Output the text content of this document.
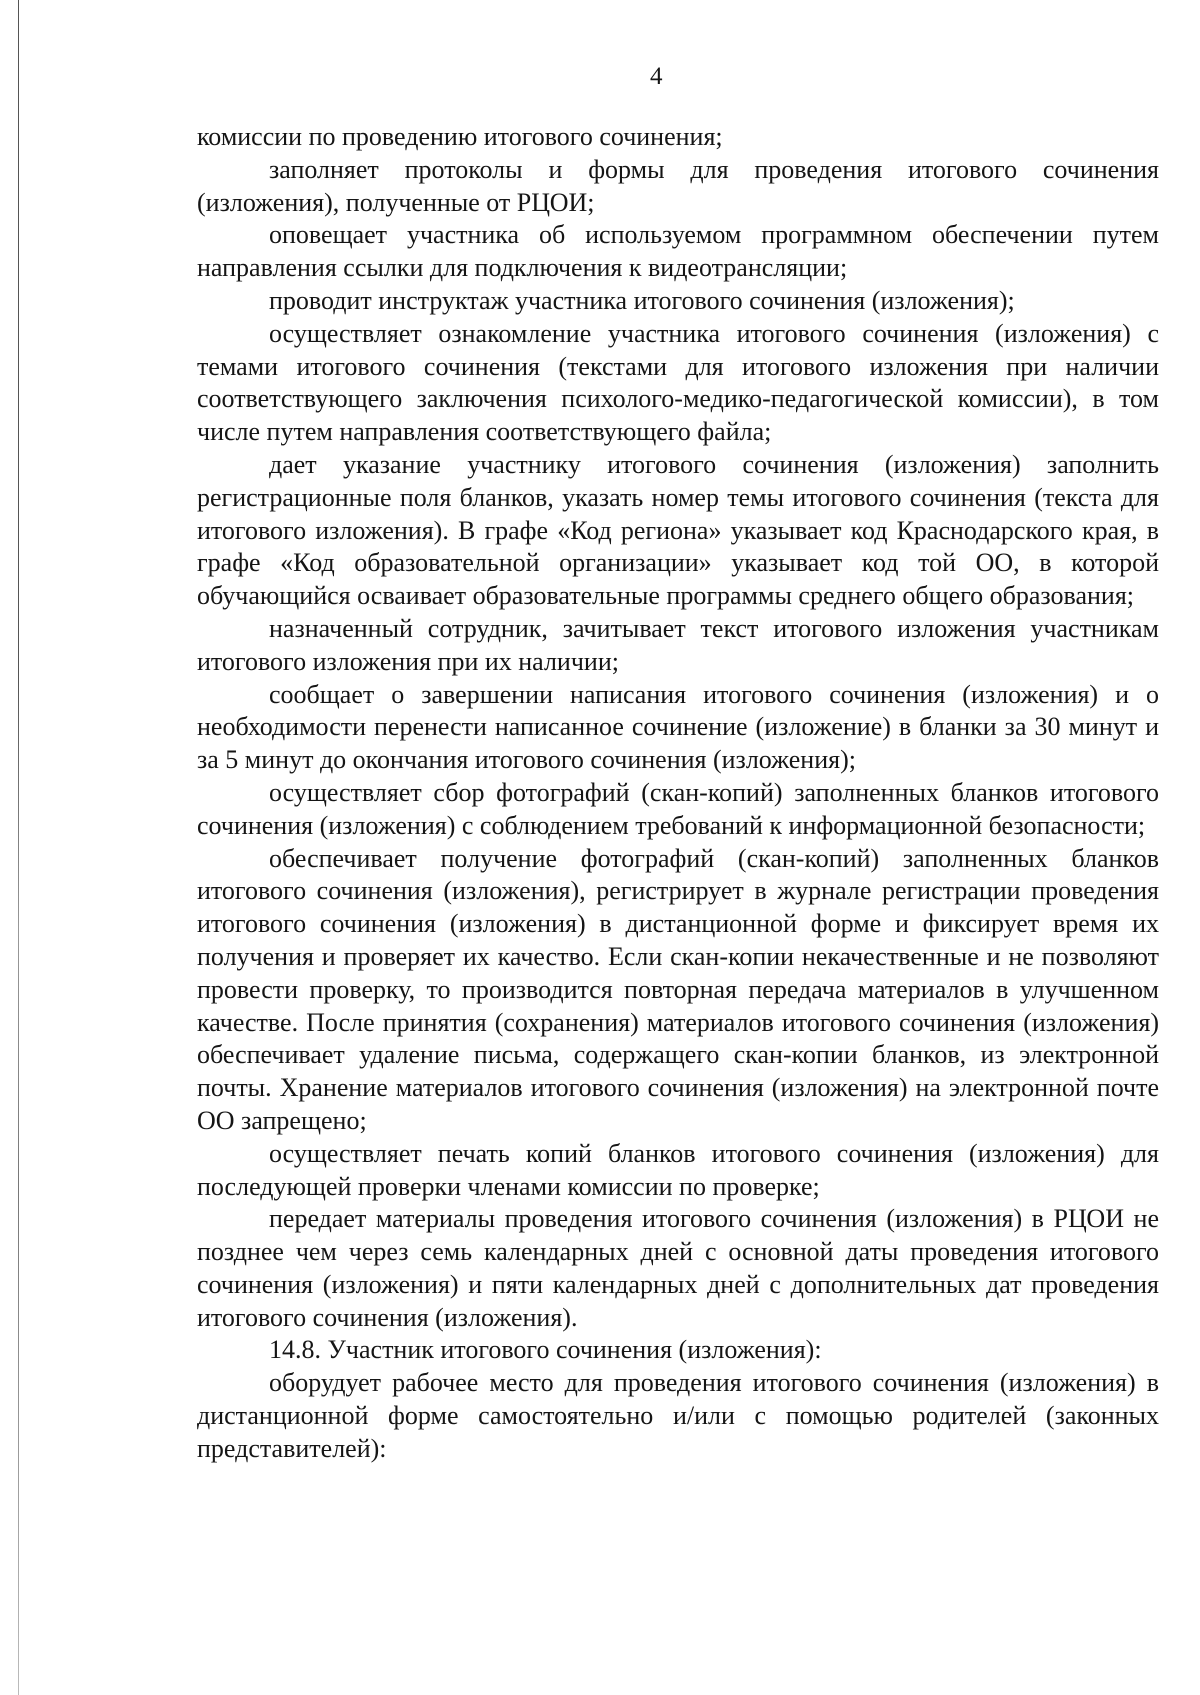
4

комиссии по проведению итогового сочинения;

заполняет протоколы и формы для проведения итогового сочинения (изложения), полученные от РЦОИ;

оповещает участника об используемом программном обеспечении путем направления ссылки для подключения к видеотрансляции;

проводит инструктаж участника итогового сочинения (изложения);

осуществляет ознакомление участника итогового сочинения (изложения) с темами итогового сочинения (текстами для итогового изложения при наличии соответствующего заключения психолого-медико-педагогической комиссии), в том числе путем направления соответствующего файла;

дает указание участнику итогового сочинения (изложения) заполнить регистрационные поля бланков, указать номер темы итогового сочинения (текста для итогового изложения). В графе «Код региона» указывает код Краснодарского края, в графе «Код образовательной организации» указывает код той ОО, в которой обучающийся осваивает образовательные программы среднего общего образования;

назначенный сотрудник, зачитывает текст итогового изложения участникам итогового изложения при их наличии;

сообщает о завершении написания итогового сочинения (изложения) и о необходимости перенести написанное сочинение (изложение) в бланки за 30 минут и за 5 минут до окончания итогового сочинения (изложения);

осуществляет сбор фотографий (скан-копий) заполненных бланков итогового сочинения (изложения) с соблюдением требований к информационной безопасности;

обеспечивает получение фотографий (скан-копий) заполненных бланков итогового сочинения (изложения), регистрирует в журнале регистрации проведения итогового сочинения (изложения) в дистанционной форме и фиксирует время их получения и проверяет их качество. Если скан-копии некачественные и не позволяют провести проверку, то производится повторная передача материалов в улучшенном качестве. После принятия (сохранения) материалов итогового сочинения (изложения) обеспечивает удаление письма, содержащего скан-копии бланков, из электронной почты. Хранение материалов итогового сочинения (изложения) на электронной почте ОО запрещено;

осуществляет печать копий бланков итогового сочинения (изложения) для последующей проверки членами комиссии по проверке;

передает материалы проведения итогового сочинения (изложения) в РЦОИ не позднее чем через семь календарных дней с основной даты проведения итогового сочинения (изложения) и пяти календарных дней с дополнительных дат проведения итогового сочинения (изложения).

14.8. Участник итогового сочинения (изложения):

оборудует рабочее место для проведения итогового сочинения (изложения) в дистанционной форме самостоятельно и/или с помощью родителей (законных представителей):
